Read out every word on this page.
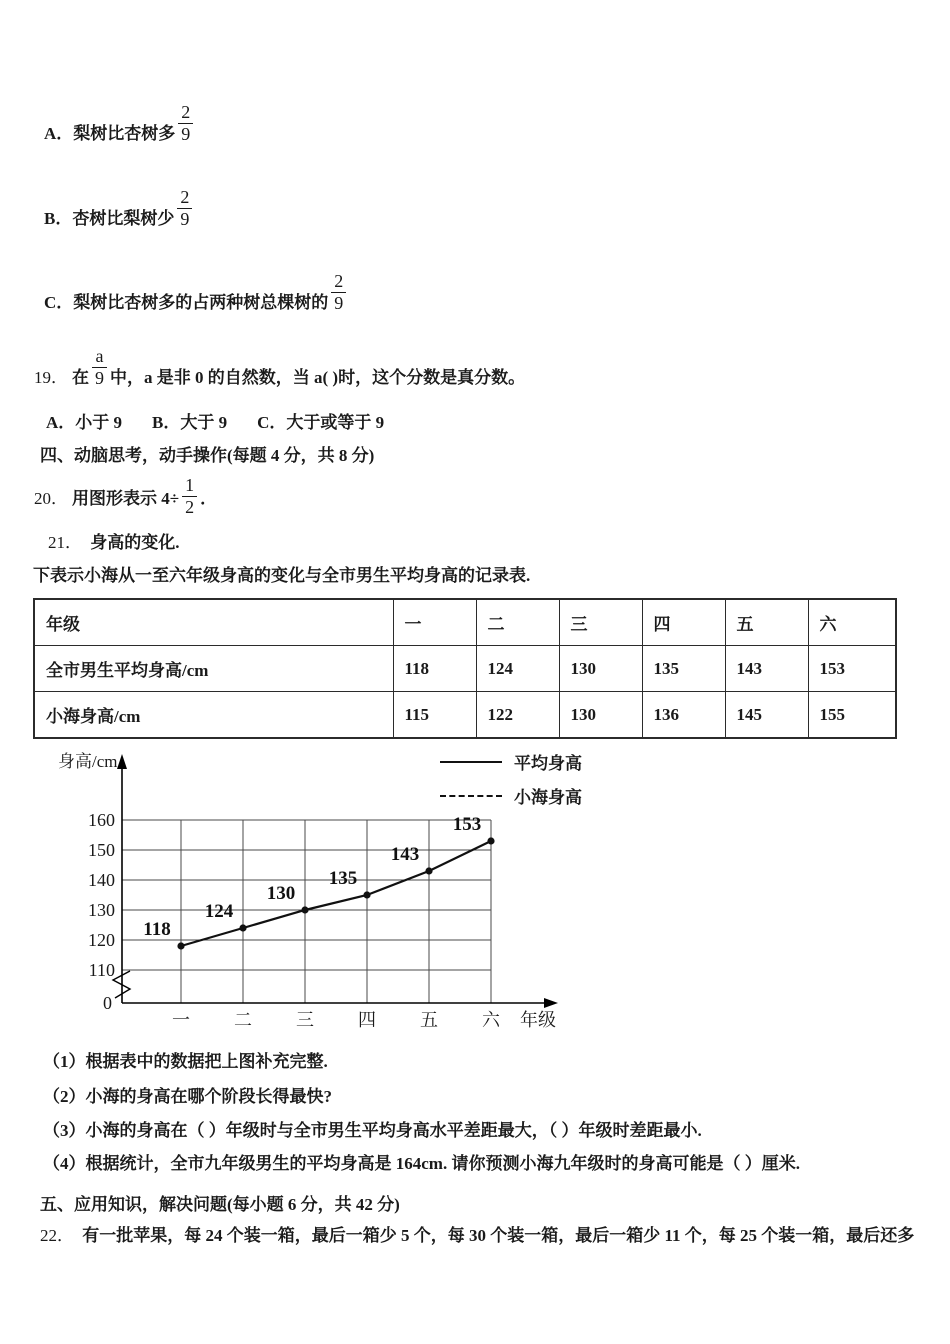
A．梨树比杏树多 $\frac{2}{9}$
B．杏树比梨树少 $\frac{2}{9}$
C．梨树比杏树多的占两种树总棵树的 $\frac{2}{9}$
19． 在 $\frac{a}{9}$ 中，a 是非 0 的自然数，当 a( )时，这个分数是真分数。
A．小于 9 B．大于 9 C．大于或等于 9
四、动脑思考，动手操作(每题 4 分，共 8 分)
20． 用图形表示 $4\div \frac{1}{2}$ ．
21． 身高的变化.
下表示小海从一至六年级身高的变化与全市男生平均身高的记录表.
年级	一	二	三	四	五	六
全市男生平均身高/cm	118	124	130	135	143	153
小海身高/cm	115	122	130	136	145	155
身高/cm
一 二 三 四 五 六
110
120
130
140
150
160
0
年级
118
124
130
135
143
153
平均身高
小海身高
（1）根据表中的数据把上图补充完整.
（2）小海的身高在哪个阶段长得最快?
（3）小海的身高在（ ）年级时与全市男生平均身高水平差距最大，（ ）年级时差距最小.
（4）根据统计，全市九年级男生的平均身高是 164cm. 请你预测小海九年级时的身高可能是（ ）厘米.
五、应用知识，解决问题(每小题 6 分，共 42 分)
22． 有一批苹果，每 24 个装一箱，最后一箱少 5 个，每 30 个装一箱，最后一箱少 11 个，每 25 个装一箱，最后还多
